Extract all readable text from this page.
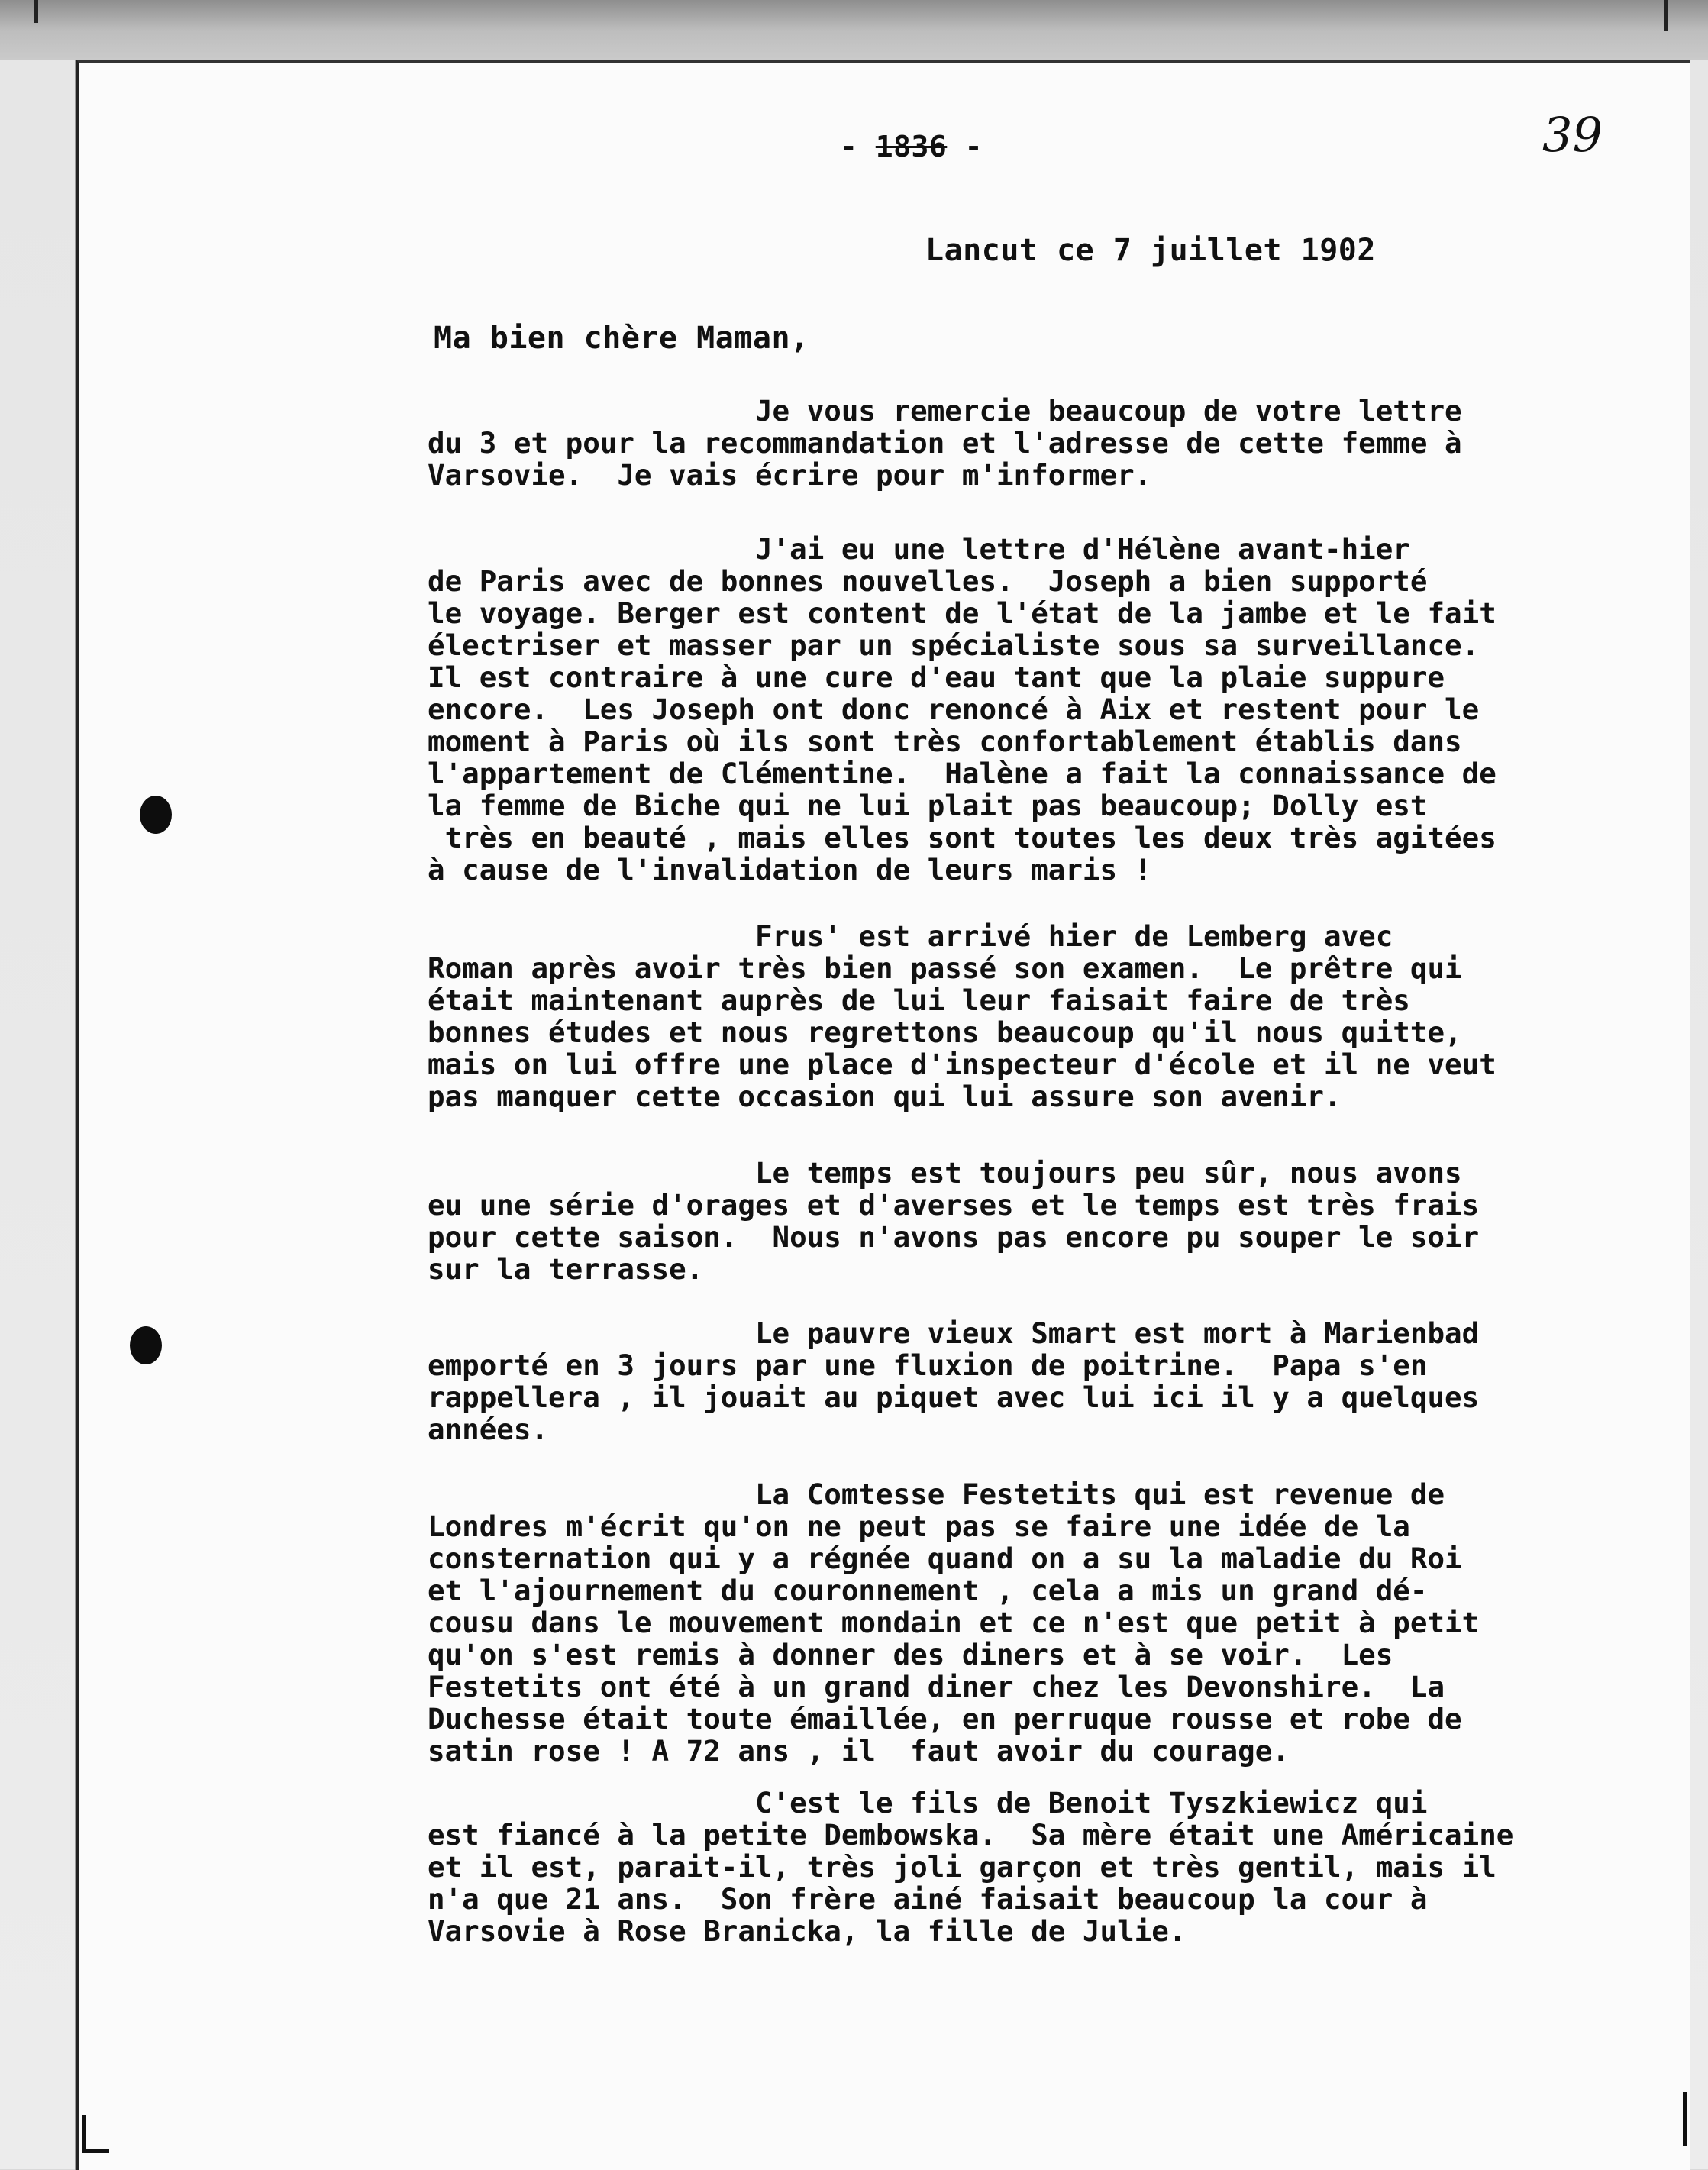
- 1836 -	39
Lancut ce 7 juillet 1902
Ma bien chère Maman,
Je vous remercie beaucoup de votre lettre
du 3 et pour la recommandation et l'adresse de cette femme à
Varsovie.  Je vais écrire pour m'informer.
J'ai eu une lettre d'Hélène avant-hier
de Paris avec de bonnes nouvelles.  Joseph a bien supporté
le voyage. Berger est content de l'état de la jambe et le fait
électriser et masser par un spécialiste sous sa surveillance.
Il est contraire à une cure d'eau tant que la plaie suppure
encore.  Les Joseph ont donc renoncé à Aix et restent pour le
moment à Paris où ils sont très confortablement établis dans
l'appartement de Clémentine.  Halène a fait la connaissance de
la femme de Biche qui ne lui plait pas beaucoup; Dolly est
très en beauté , mais elles sont toutes les deux très agitées
à cause de l'invalidation de leurs maris !
Frus' est arrivé hier de Lemberg avec
Roman après avoir très bien passé son examen.  Le prêtre qui
était maintenant auprès de lui leur faisait faire de très
bonnes études et nous regrettons beaucoup qu'il nous quitte,
mais on lui offre une place d'inspecteur d'école et il ne veut
pas manquer cette occasion qui lui assure son avenir.
Le temps est toujours peu sûr, nous avons
eu une série d'orages et d'averses et le temps est très frais
pour cette saison.  Nous n'avons pas encore pu souper le soir
sur la terrasse.
Le pauvre vieux Smart est mort à Marienbad
emporté en 3 jours par une fluxion de poitrine.  Papa s'en
rappellera , il jouait au piquet avec lui ici il y a quelques
années.
La Comtesse Festetits qui est revenue de
Londres m'écrit qu'on ne peut pas se faire une idée de la
consternation qui y a régnée quand on a su la maladie du Roi
et l'ajournement du couronnement , cela a mis un grand dé-
cousu dans le mouvement mondain et ce n'est que petit à petit
qu'on s'est remis à donner des diners et à se voir.  Les
Festetits ont été à un grand diner chez les Devonshire.  La
Duchesse était toute émaillée, en perruque rousse et robe de
satin rose ! A 72 ans , il  faut avoir du courage.
C'est le fils de Benoit Tyszkiewicz qui
est fiancé à la petite Dembowska.  Sa mère était une Américaine
et il est, parait-il, très joli garçon et très gentil, mais il
n'a que 21 ans.  Son frère ainé faisait beaucoup la cour à
Varsovie à Rose Branicka, la fille de Julie.
